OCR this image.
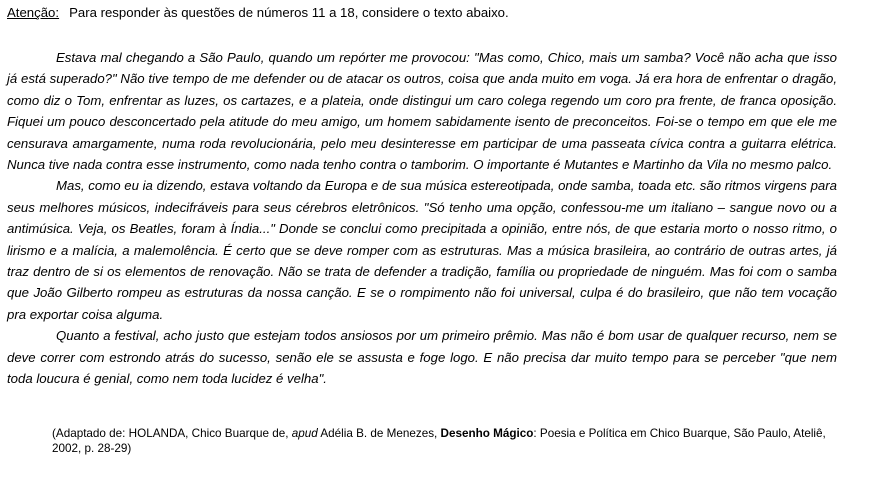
Atenção: Para responder às questões de números 11 a 18, considere o texto abaixo.

Estava mal chegando a São Paulo, quando um repórter me provocou: "Mas como, Chico, mais um samba? Você não acha que isso já está superado?" Não tive tempo de me defender ou de atacar os outros, coisa que anda muito em voga. Já era hora de enfrentar o dragão, como diz o Tom, enfrentar as luzes, os cartazes, e a plateia, onde distingui um caro colega regendo um coro pra frente, de franca oposição. Fiquei um pouco desconcertado pela atitude do meu amigo, um homem sabidamente isento de preconceitos. Foi-se o tempo em que ele me censurava amargamente, numa roda revolucionária, pelo meu desinteresse em participar de uma passeata cívica contra a guitarra elétrica. Nunca tive nada contra esse instrumento, como nada tenho contra o tamborim. O importante é Mutantes e Martinho da Vila no mesmo palco.

Mas, como eu ia dizendo, estava voltando da Europa e de sua música estereotipada, onde samba, toada etc. são ritmos virgens para seus melhores músicos, indecifráveis para seus cérebros eletrônicos. "Só tenho uma opção, confessou-me um italiano – sangue novo ou a antimúsica. Veja, os Beatles, foram à Índia..." Donde se conclui como precipitada a opinião, entre nós, de que estaria morto o nosso ritmo, o lirismo e a malícia, a malemolência. É certo que se deve romper com as estruturas. Mas a música brasileira, ao contrário de outras artes, já traz dentro de si os elementos de renovação. Não se trata de defender a tradição, família ou propriedade de ninguém. Mas foi com o samba que João Gilberto rompeu as estruturas da nossa canção. E se o rompimento não foi universal, culpa é do brasileiro, que não tem vocação pra exportar coisa alguma.

Quanto a festival, acho justo que estejam todos ansiosos por um primeiro prêmio. Mas não é bom usar de qualquer recurso, nem se deve correr com estrondo atrás do sucesso, senão ele se assusta e foge logo. E não precisa dar muito tempo para se perceber "que nem toda loucura é genial, como nem toda lucidez é velha".

(Adaptado de: HOLANDA, Chico Buarque de, apud Adélia B. de Menezes, Desenho Mágico: Poesia e Política em Chico Buarque, São Paulo, Ateliê, 2002, p. 28-29)
